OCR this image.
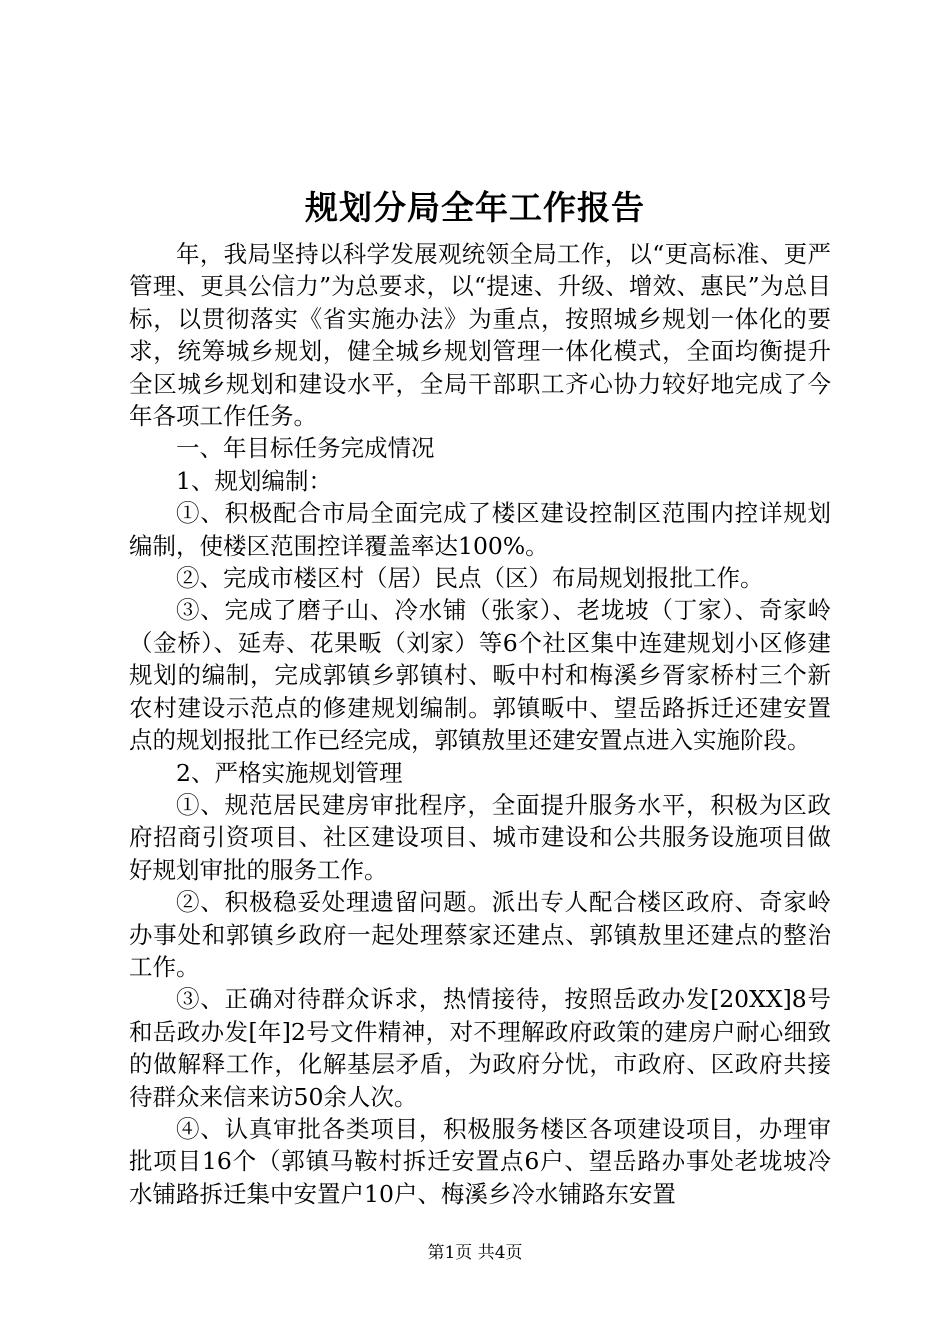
规划分局全年工作报告

年，我局坚持以科学发展观统领全局工作，以“更高标准、更严管理、更具公信力”为总要求，以“提速、升级、增效、惠民”为总目标，以贯彻落实《省实施办法》为重点，按照城乡规划一体化的要求，统筹城乡规划，健全城乡规划管理一体化模式，全面均衡提升全区城乡规划和建设水平，全局干部职工齐心协力较好地完成了今年各项工作任务。

一、年目标任务完成情况

1、规划编制：

①、积极配合市局全面完成了楼区建设控制区范围内控详规划编制，使楼区范围控详覆盖率达100%。

②、完成市楼区村（居）民点（区）布局规划报批工作。

③、完成了磨子山、冷水铺（张家）、老垅坡（丁家）、奇家岭（金桥）、延寿、花果畈（刘家）等6个社区集中连建规划小区修建规划的编制，完成郭镇乡郭镇村、畈中村和梅溪乡胥家桥村三个新农村建设示范点的修建规划编制。郭镇畈中、望岳路拆迁还建安置点的规划报批工作已经完成，郭镇敖里还建安置点进入实施阶段。

2、严格实施规划管理

①、规范居民建房审批程序，全面提升服务水平，积极为区政府招商引资项目、社区建设项目、城市建设和公共服务设施项目做好规划审批的服务工作。

②、积极稳妥处理遗留问题。派出专人配合楼区政府、奇家岭办事处和郭镇乡政府一起处理蔡家还建点、郭镇敖里还建点的整治工作。

③、正确对待群众诉求，热情接待，按照岳政办发[20XX]8号和岳政办发[年]2号文件精神，对不理解政府政策的建房户耐心细致的做解释工作，化解基层矛盾，为政府分忧，市政府、区政府共接待群众来信来访50余人次。

④、认真审批各类项目，积极服务楼区各项建设项目，办理审批项目16个（郭镇马鞍村拆迁安置点6户、望岳路办事处老垅坡冷水铺路拆迁集中安置户10户、梅溪乡冷水铺路东安置

第1页 共4页
